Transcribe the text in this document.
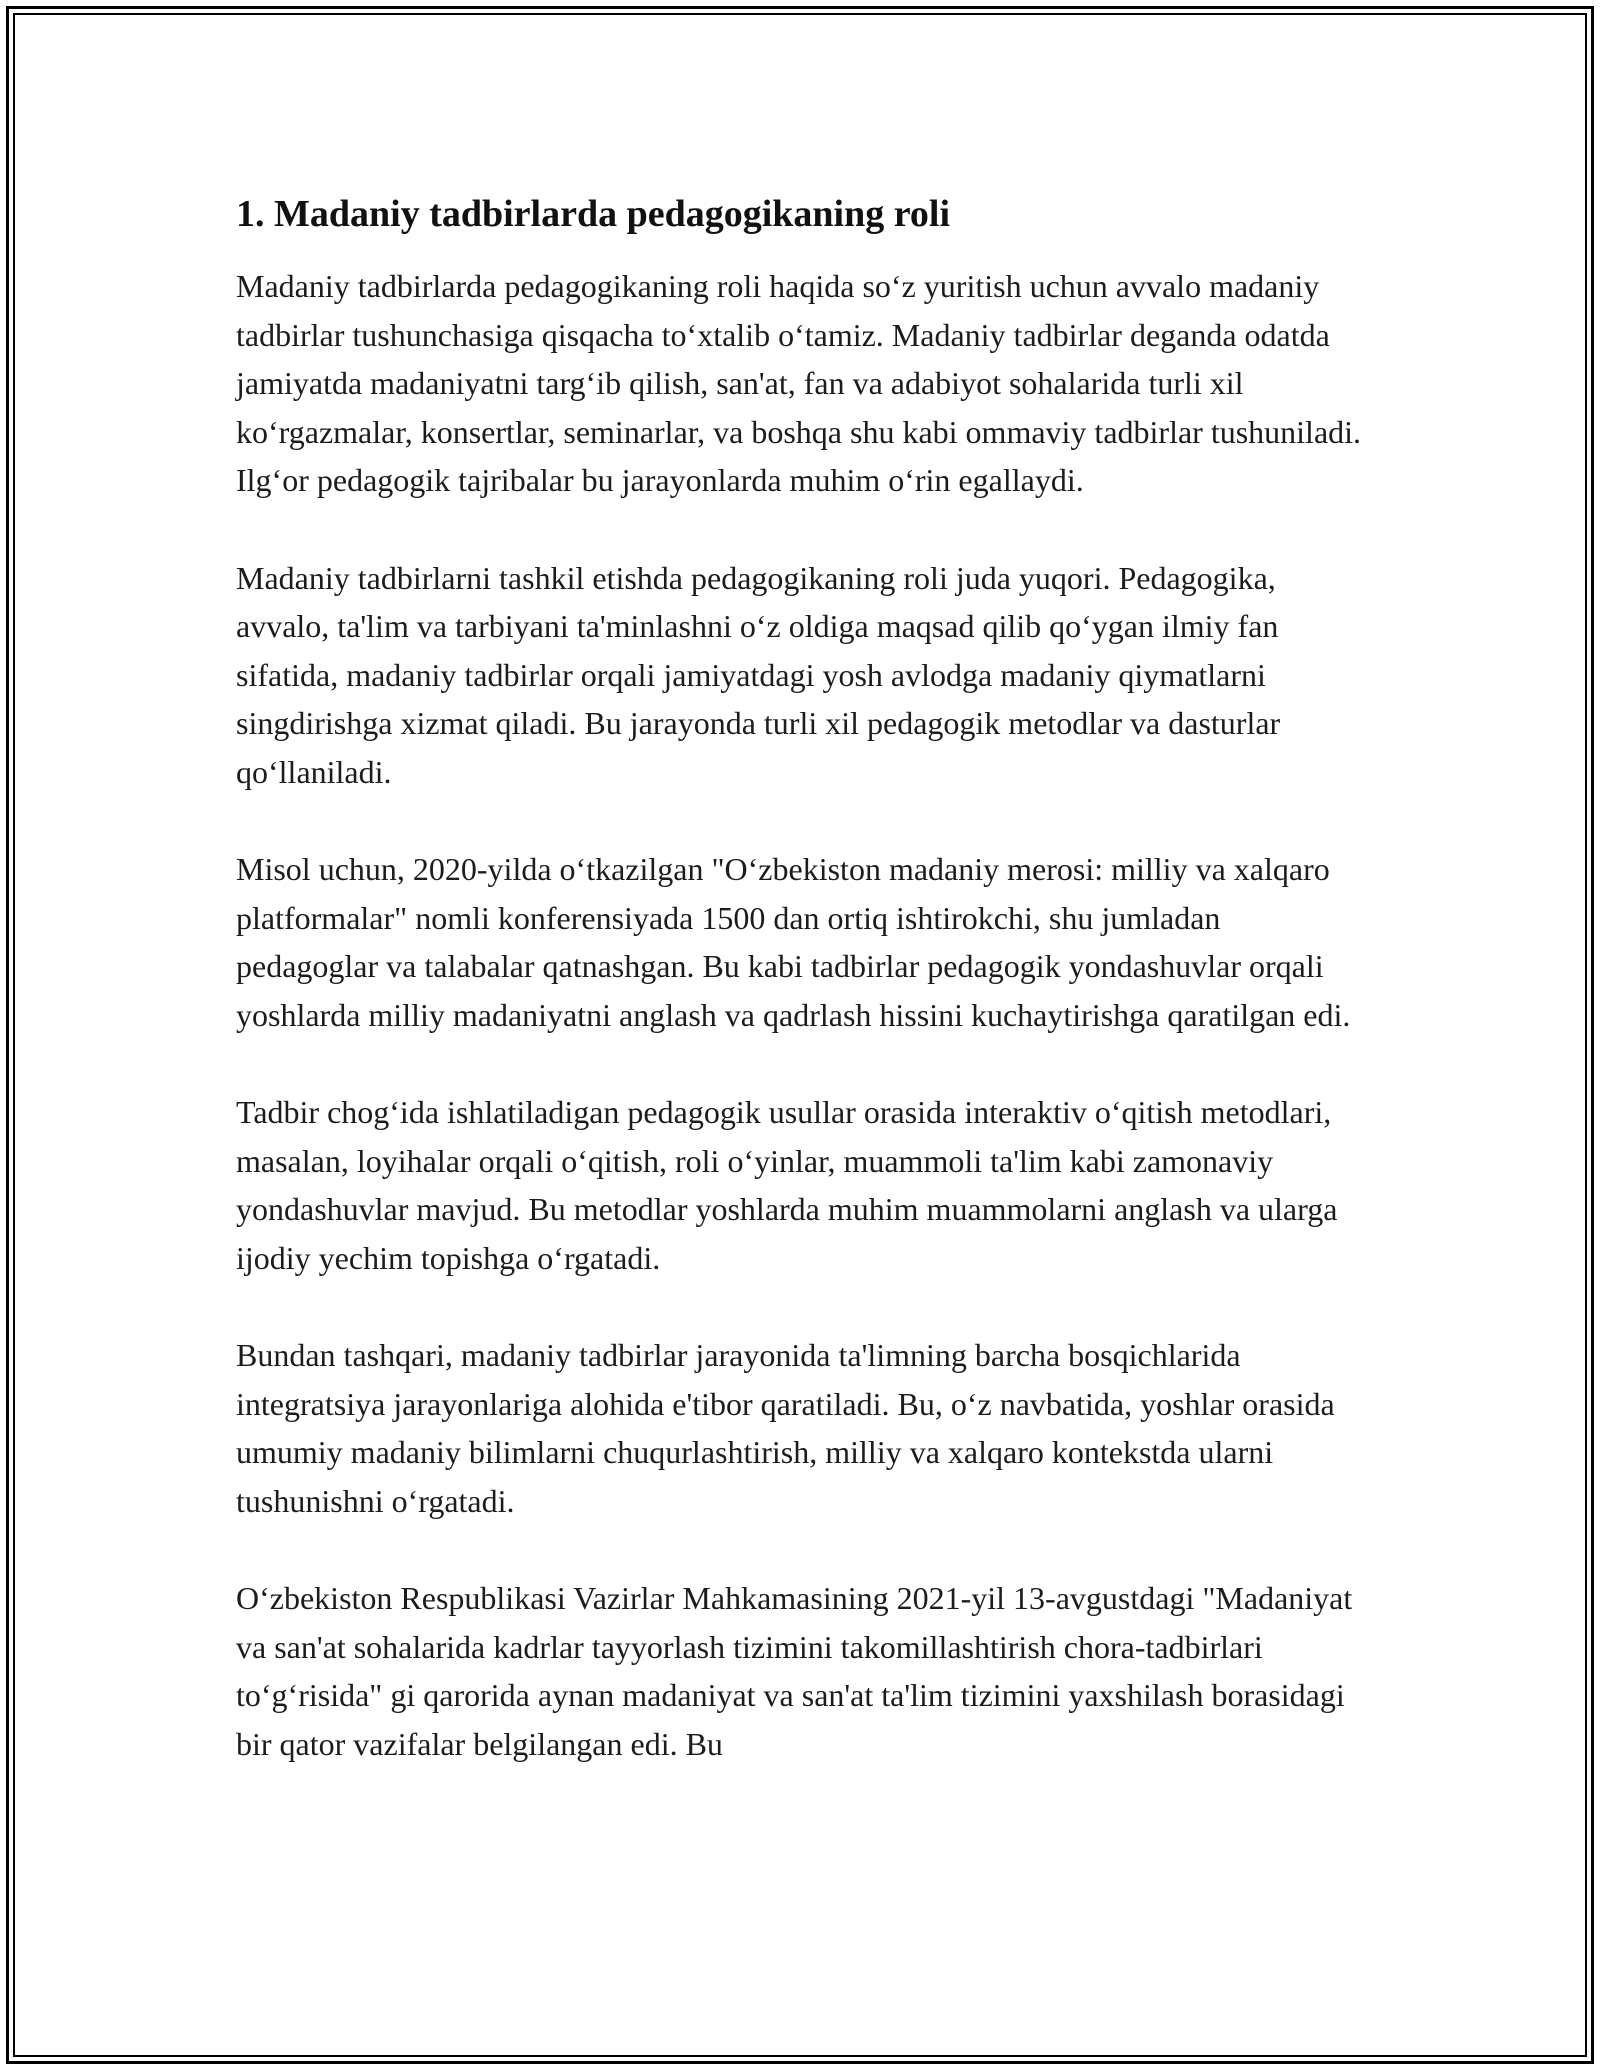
1. Madaniy tadbirlarda pedagogikaning roli

Madaniy tadbirlarda pedagogikaning roli haqida so‘z yuritish uchun avvalo madaniy tadbirlar tushunchasiga qisqacha to‘xtalib o‘tamiz. Madaniy tadbirlar deganda odatda jamiyatda madaniyatni targ‘ib qilish, san'at, fan va adabiyot sohalarida turli xil ko‘rgazmalar, konsertlar, seminarlar, va boshqa shu kabi ommaviy tadbirlar tushuniladi. Ilg‘or pedagogik tajribalar bu jarayonlarda muhim o‘rin egallaydi.

Madaniy tadbirlarni tashkil etishda pedagogikaning roli juda yuqori. Pedagogika, avvalo, ta'lim va tarbiyani ta'minlashni o‘z oldiga maqsad qilib qo‘ygan ilmiy fan sifatida, madaniy tadbirlar orqali jamiyatdagi yosh avlodga madaniy qiymatlarni singdirishga xizmat qiladi. Bu jarayonda turli xil pedagogik metodlar va dasturlar qo‘llaniladi.

Misol uchun, 2020-yilda o‘tkazilgan "O‘zbekiston madaniy merosi: milliy va xalqaro platformalar" nomli konferensiyada 1500 dan ortiq ishtirokchi, shu jumladan pedagoglar va talabalar qatnashgan. Bu kabi tadbirlar pedagogik yondashuvlar orqali yoshlarda milliy madaniyatni anglash va qadrlash hissini kuchaytirishga qaratilgan edi.

Tadbir chog‘ida ishlatiladigan pedagogik usullar orasida interaktiv o‘qitish metodlari, masalan, loyihalar orqali o‘qitish, roli o‘yinlar, muammoli ta'lim kabi zamonaviy yondashuvlar mavjud. Bu metodlar yoshlarda muhim muammolarni anglash va ularga ijodiy yechim topishga o‘rgatadi.

Bundan tashqari, madaniy tadbirlar jarayonida ta'limning barcha bosqichlarida integratsiya jarayonlariga alohida e'tibor qaratiladi. Bu, o‘z navbatida, yoshlar orasida umumiy madaniy bilimlarni chuqurlashtirish, milliy va xalqaro kontekstda ularni tushunishni o‘rgatadi.

O‘zbekiston Respublikasi Vazirlar Mahkamasining 2021-yil 13-avgustdagi "Madaniyat va san'at sohalarida kadrlar tayyorlash tizimini takomillashtirish chora-tadbirlari to‘g‘risida" gi qarorida aynan madaniyat va san'at ta'lim tizimini yaxshilash borasidagi bir qator vazifalar belgilangan edi. Bu
